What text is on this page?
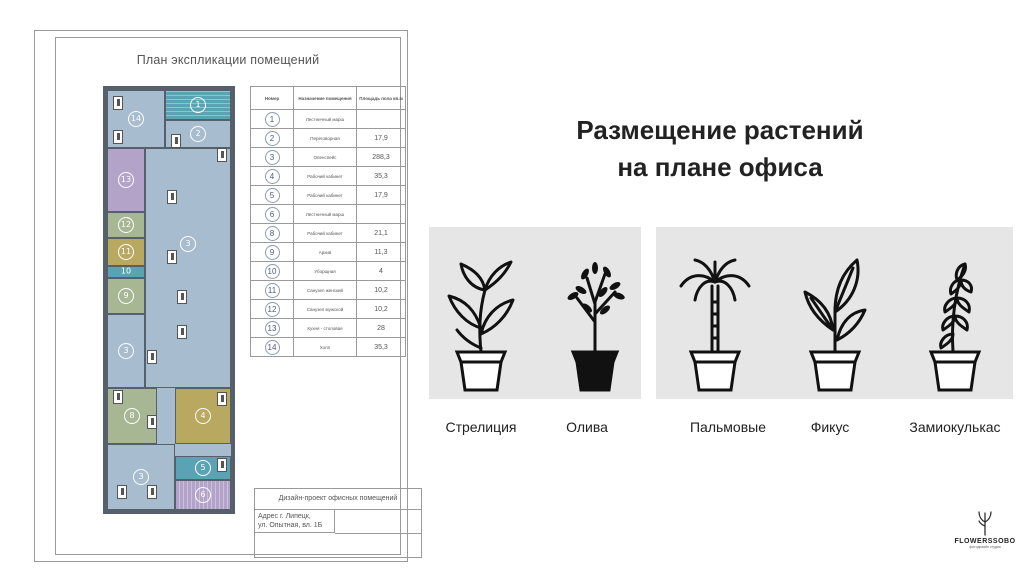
План экспликации помещений
14
1
2
13
12
11
10
9
3
3
8	4
3
5
6
Номер	Назначение помещения	Площадь пола кв.м
1	Лестничный марш	
2	Переговорная	17,9
3	Опенспейс	288,3
4	Рабочий кабинет	35,3
5	Рабочий кабинет	17,9
6	Лестничный марш	
8	Рабочий кабинет	21,1
9	Архив	11,3
10	Уборщная	4
11	Санузел женский	10,2
12	Санузел мужской	10,2
13	Кухня - столовая	28
14	Холл	35,3
Дизайн-проект офисных помещений
Адрес г. Липецк,
ул. Опытная, вл. 1Б
Размещение растений
на плане офиса
Стрелиция	Олива	Пальмовые	Фикус	Замиокулькас
FLOWERSSOBO
фитодизайн студия
